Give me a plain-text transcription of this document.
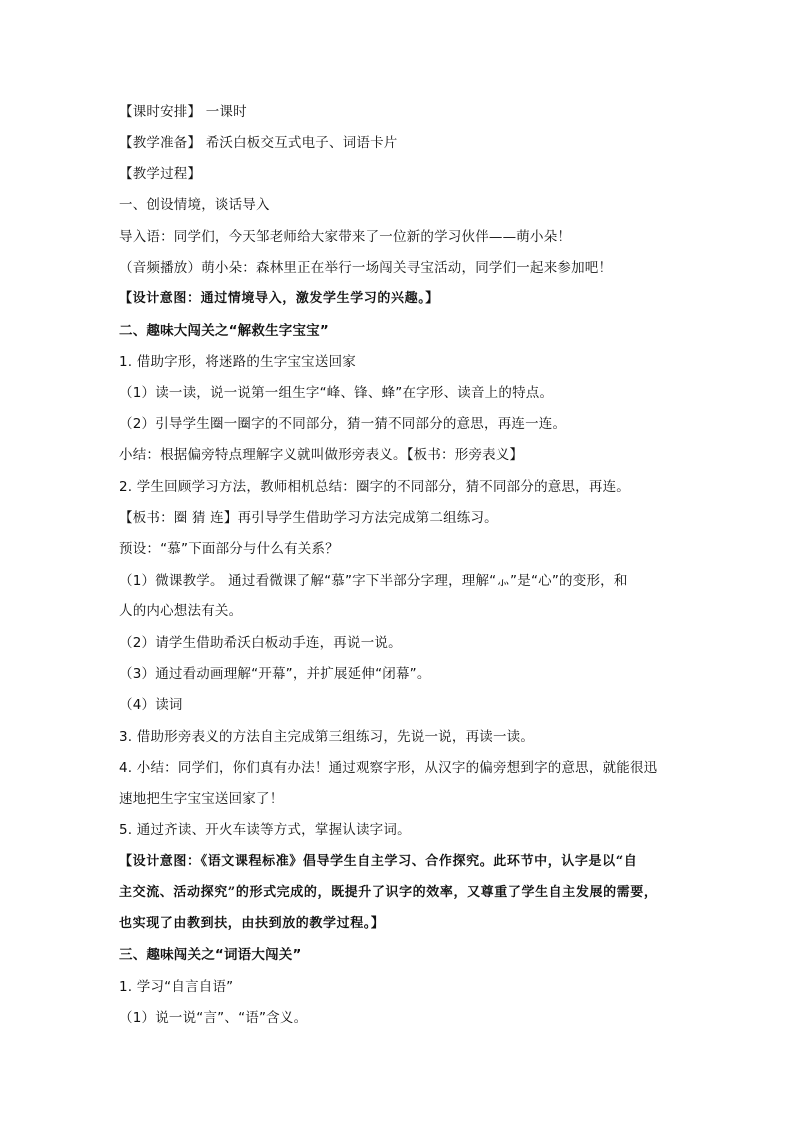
【课时安排】 一课时
【教学准备】 希沃白板交互式电子、词语卡片
【教学过程】
一、创设情境，谈话导入
导入语：同学们，今天邹老师给大家带来了一位新的学习伙伴——萌小朵！
（音频播放）萌小朵：森林里正在举行一场闯关寻宝活动，同学们一起来参加吧！
【设计意图：通过情境导入，激发学生学习的兴趣。】
二、趣味大闯关之“解救生字宝宝”
1. 借助字形，将迷路的生字宝宝送回家
（1）读一读，说一说第一组生字“峰、锋、蜂”在字形、读音上的特点。
（2）引导学生圈一圈字的不同部分，猜一猜不同部分的意思，再连一连。
小结：根据偏旁特点理解字义就叫做形旁表义。【板书：形旁表义】
2. 学生回顾学习方法，教师相机总结：圈字的不同部分，猜不同部分的意思，再连。
【板书：圈 猜 连】再引导学生借助学习方法完成第二组练习。
预设：“慕”下面部分与什么有关系？
（1）微课教学。 通过看微课了解“慕”字下半部分字理，理解“⺗”是“心”的变形，和
人的内心想法有关。
（2）请学生借助希沃白板动手连，再说一说。
（3）通过看动画理解“开幕”，并扩展延伸“闭幕”。
（4）读词
3. 借助形旁表义的方法自主完成第三组练习，先说一说，再读一读。
4. 小结：同学们，你们真有办法！通过观察字形，从汉字的偏旁想到字的意思，就能很迅
速地把生字宝宝送回家了！
5. 通过齐读、开火车读等方式，掌握认读字词。
【设计意图：《语文课程标准》倡导学生自主学习、合作探究。此环节中，认字是以“自
主交流、活动探究”的形式完成的，既提升了识字的效率，又尊重了学生自主发展的需要，
也实现了由教到扶，由扶到放的教学过程。】
三、趣味闯关之“词语大闯关”
1. 学习“自言自语”
（1）说一说“言”、“语”含义。
